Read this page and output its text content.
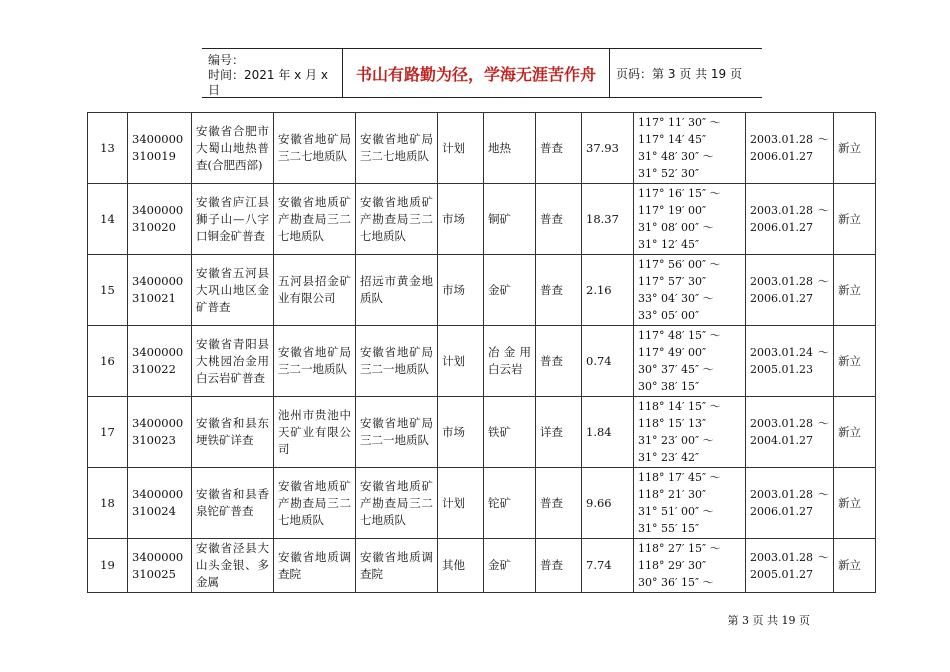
编号：
时间：2021 年 x 月 x 日
书山有路勤为径，学海无涯苦作舟	页码：第 3 页 共 19 页
13	3400000 310019	安徽省合肥市大蜀山地热普查(合肥西部)	安徽省地矿局三二七地质队	安徽省地矿局三二七地质队	计划	地热	普查	37.93	117° 11′ 30″ ～
117° 14′ 45″
31° 48′ 30″ ～
31° 52′ 30″	2003.01.28 ～ 2006.01.27	新立
14	3400000 310020	安徽省庐江县狮子山—八字口铜金矿普查	安徽省地质矿产勘查局三二七地质队	安徽省地质矿产勘查局三二七地质队	市场	铜矿	普查	18.37	117° 16′ 15″ ～
117° 19′ 00″
31° 08′ 00″ ～
31° 12′ 45″	2003.01.28 ～ 2006.01.27	新立
15	3400000 310021	安徽省五河县大巩山地区金矿普查	五河县招金矿业有限公司	招远市黄金地质队	市场	金矿	普查	2.16	117° 56′ 00″ ～
117° 57′ 30″
33° 04′ 30″ ～
33° 05′ 00″	2003.01.28 ～ 2006.01.27	新立
16	3400000 310022	安徽省青阳县大桃园冶金用白云岩矿普查	安徽省地矿局三二一地质队	安徽省地矿局三二一地质队	计划	冶金用白云岩	普查	0.74	117° 48′ 15″ ～
117° 49′ 00″
30° 37′ 45″ ～
30° 38′ 15″	2003.01.24 ～ 2005.01.23	新立
17	3400000 310023	安徽省和县东埂铁矿详查	池州市贵池中天矿业有限公司	安徽省地矿局三二一地质队	市场	铁矿	详查	1.84	118° 14′ 15″ ～
118° 15′ 13″
31° 23′ 00″ ～
31° 23′ 42″	2003.01.28 ～ 2004.01.27	新立
18	3400000 310024	安徽省和县香泉铊矿普查	安徽省地质矿产勘查局三二七地质队	安徽省地质矿产勘查局三二七地质队	计划	铊矿	普查	9.66	118° 17′ 45″ ～
118° 21′ 30″
31° 51′ 00″ ～
31° 55′ 15″	2003.01.28 ～ 2006.01.27	新立
19	3400000 310025	安徽省泾县大山头金银、多金属	安徽省地质调查院	安徽省地质调查院	其他	金矿	普查	7.74	118° 27′ 15″ ～
118° 29′ 30″
30° 36′ 15″ ～	2003.01.28 ～ 2005.01.27	新立
第 3 页 共 19 页
